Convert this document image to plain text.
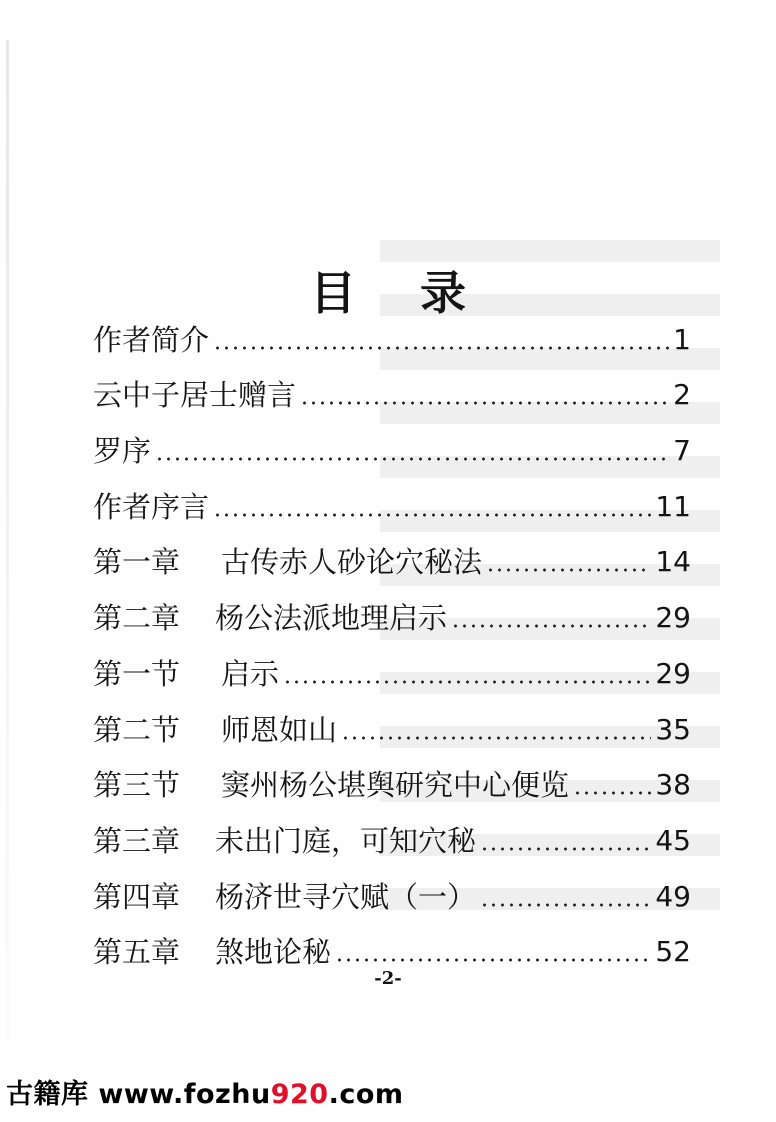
目 录
作者简介	1
云中子居士赠言	2
罗序	7
作者序言	11
第一章	古传赤人砂论穴秘法	14
第二章	杨公法派地理启示	29
第一节	启示	29
第二节	师恩如山	35
第三节	窦州杨公堪舆研究中心便览	38
第三章	未出门庭，可知穴秘	45
第四章	杨济世寻穴赋（一）	49
第五章	煞地论秘	52
-2-
古籍库 www.fozhu920.com
